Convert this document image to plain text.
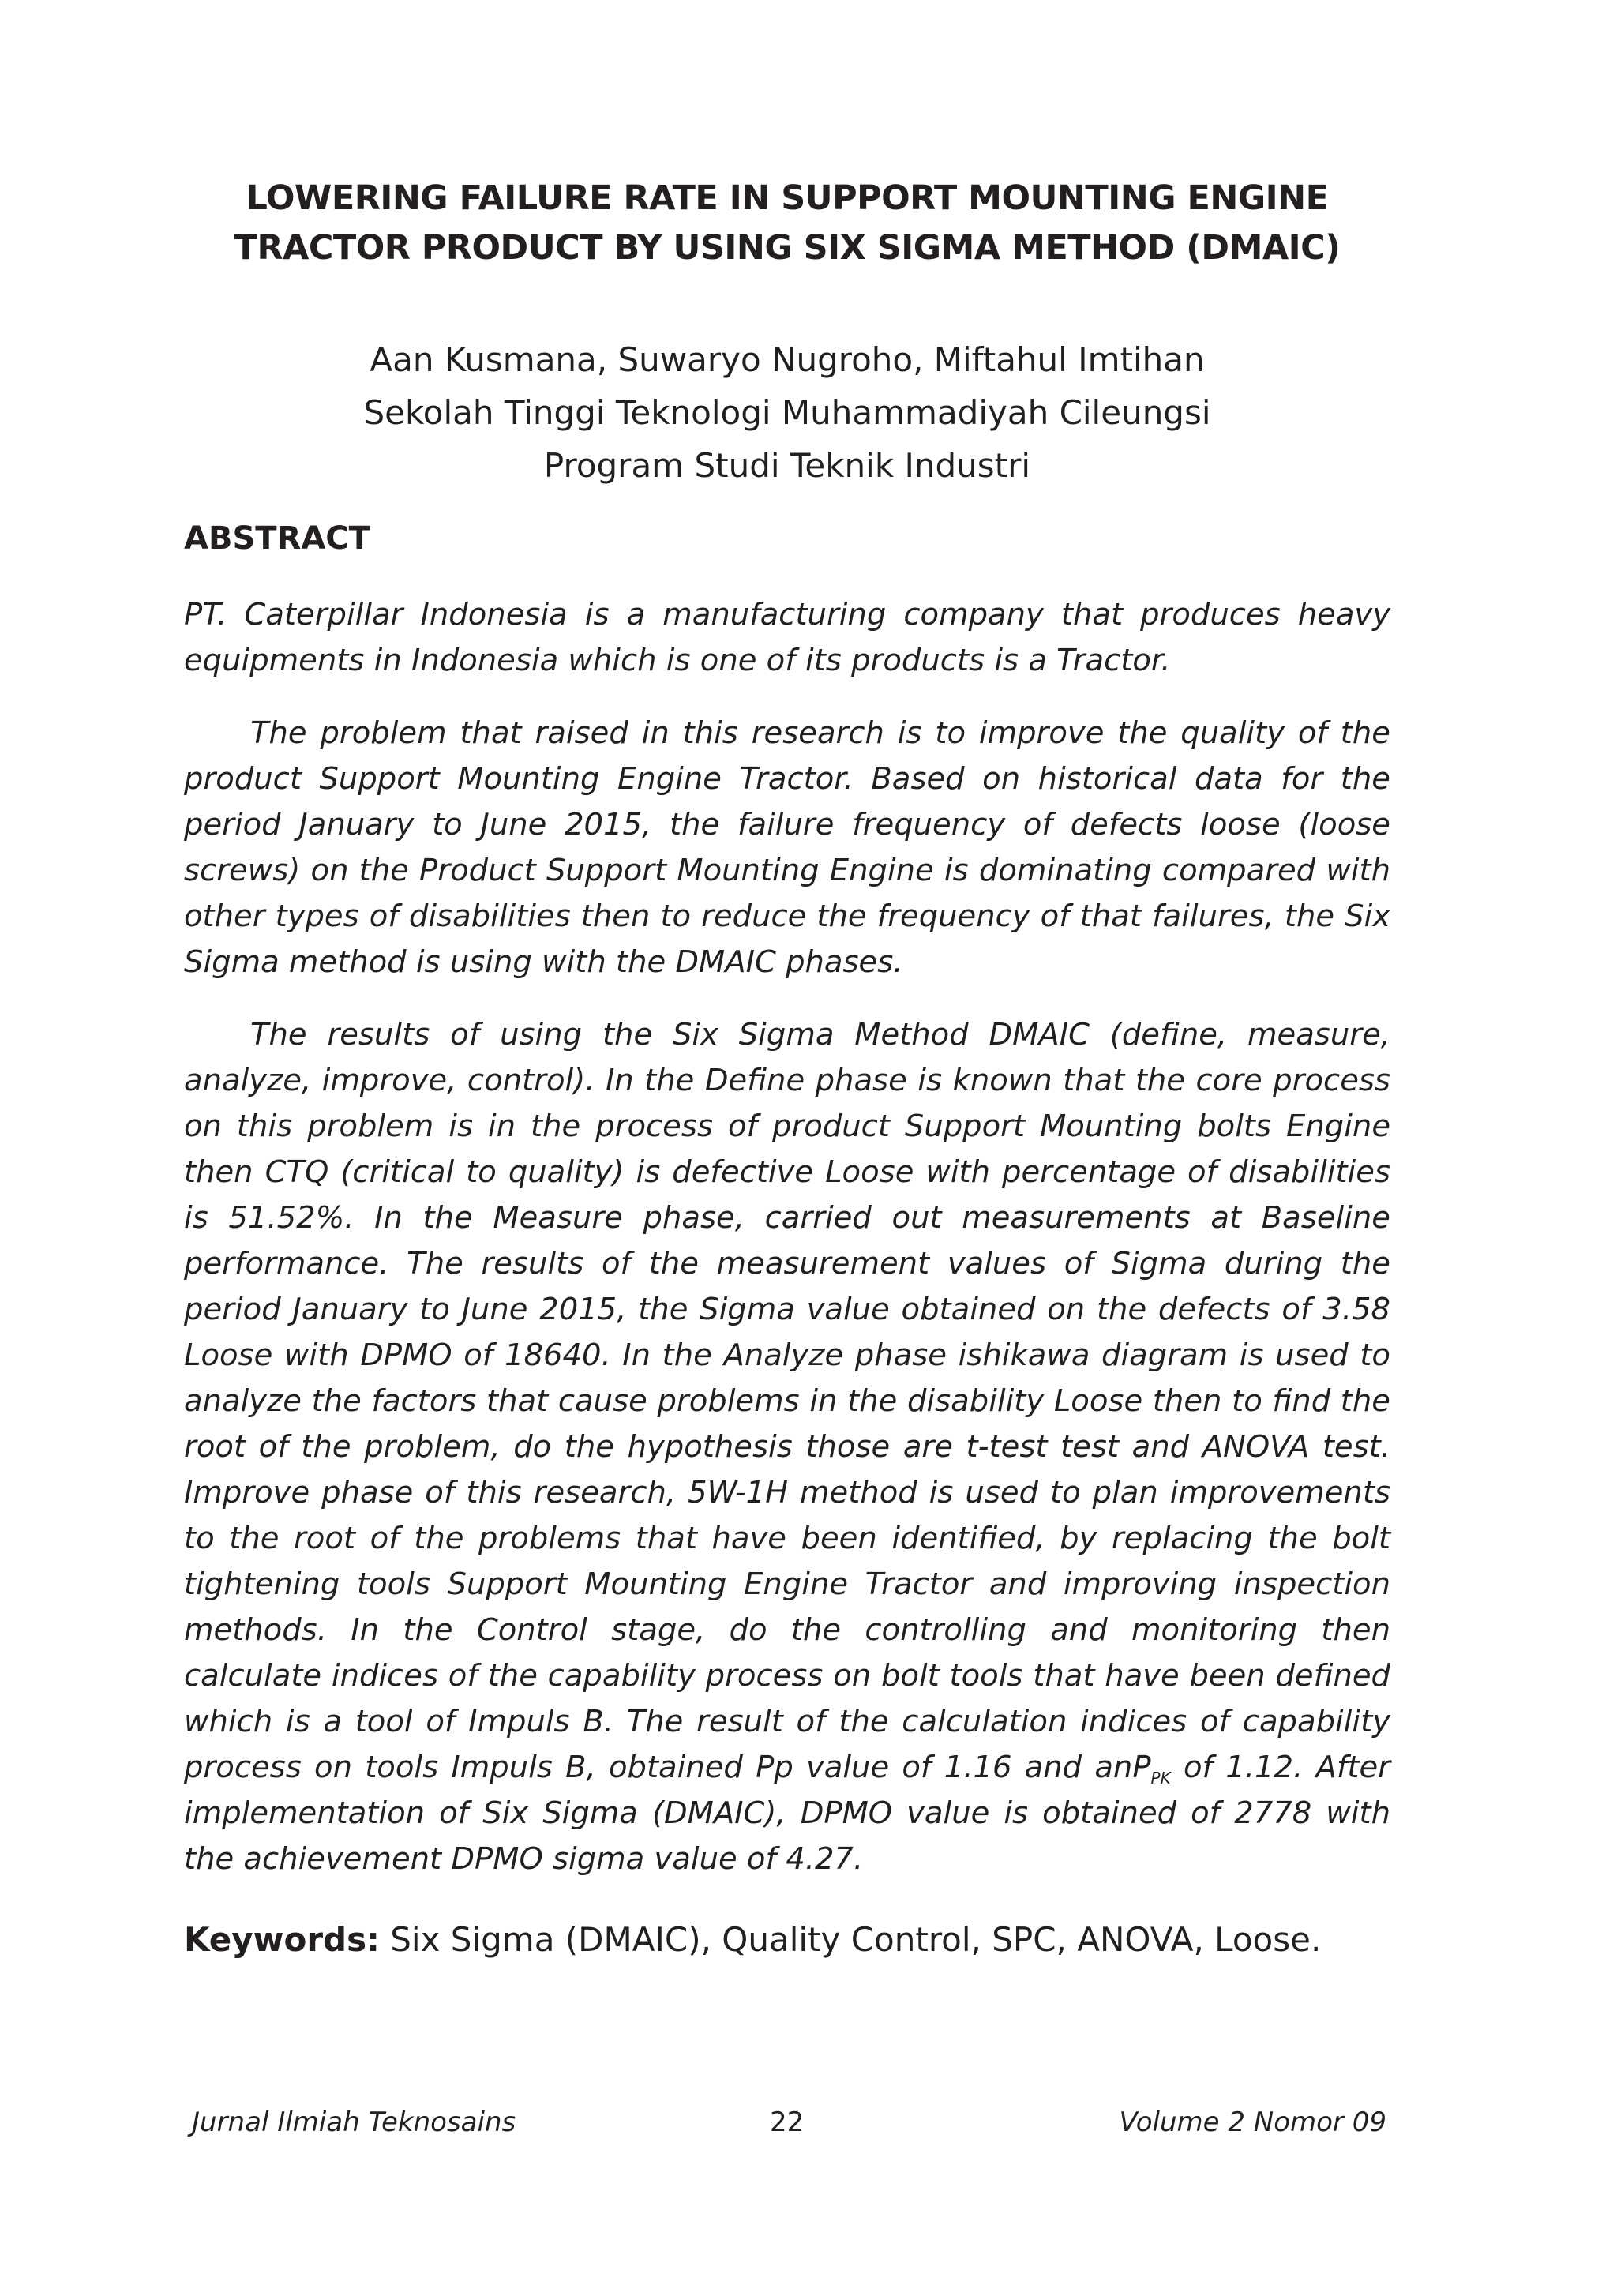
LOWERING FAILURE RATE IN SUPPORT MOUNTING ENGINE
TRACTOR PRODUCT BY USING SIX SIGMA METHOD (DMAIC)
Aan Kusmana, Suwaryo Nugroho, Miftahul Imtihan
Sekolah Tinggi Teknologi Muhammadiyah Cileungsi
Program Studi Teknik Industri
ABSTRACT

PT. Caterpillar Indonesia is a manufacturing company that produces heavy equipments in Indonesia which is one of its products is a Tractor.

The problem that raised in this research is to improve the quality of the product Support Mounting Engine Tractor. Based on historical data for the period January to June 2015, the failure frequency of defects loose (loose screws) on the Product Support Mounting Engine is dominating compared with other types of disabilities then to reduce the frequency of that failures, the Six Sigma method is using with the DMAIC phases.

The results of using the Six Sigma Method DMAIC (define, measure, analyze, improve, control). In the Define phase is known that the core process on this problem is in the process of product Support Mounting bolts Engine then CTQ (critical to quality) is defective Loose with percentage of disabilities is 51.52%. In the Measure phase, carried out measurements at Baseline performance. The results of the measurement values of Sigma during the period January to June 2015, the Sigma value obtained on the defects of 3.58 Loose with DPMO of 18640. In the Analyze phase ishikawa diagram is used to analyze the factors that cause problems in the disability Loose then to find the root of the problem, do the hypothesis those are t-test test and ANOVA test. Improve phase of this research, 5W-1H method is used to plan improvements to the root of the problems that have been identified, by replacing the bolt tightening tools Support Mounting Engine Tractor and improving inspection methods. In the Control stage, do the controlling and monitoring then calculate indices of the capability process on bolt tools that have been defined which is a tool of Impuls B. The result of the calculation indices of capability process on tools Impuls B, obtained Pp value of 1.16 and anP$_{PK}$ of 1.12. After implementation of Six Sigma (DMAIC), DPMO value is obtained of 2778 with the achievement DPMO sigma value of 4.27.

Keywords: Six Sigma (DMAIC), Quality Control, SPC, ANOVA, Loose.
Jurnal Ilmiah Teknosains	22	Volume 2 Nomor 09
